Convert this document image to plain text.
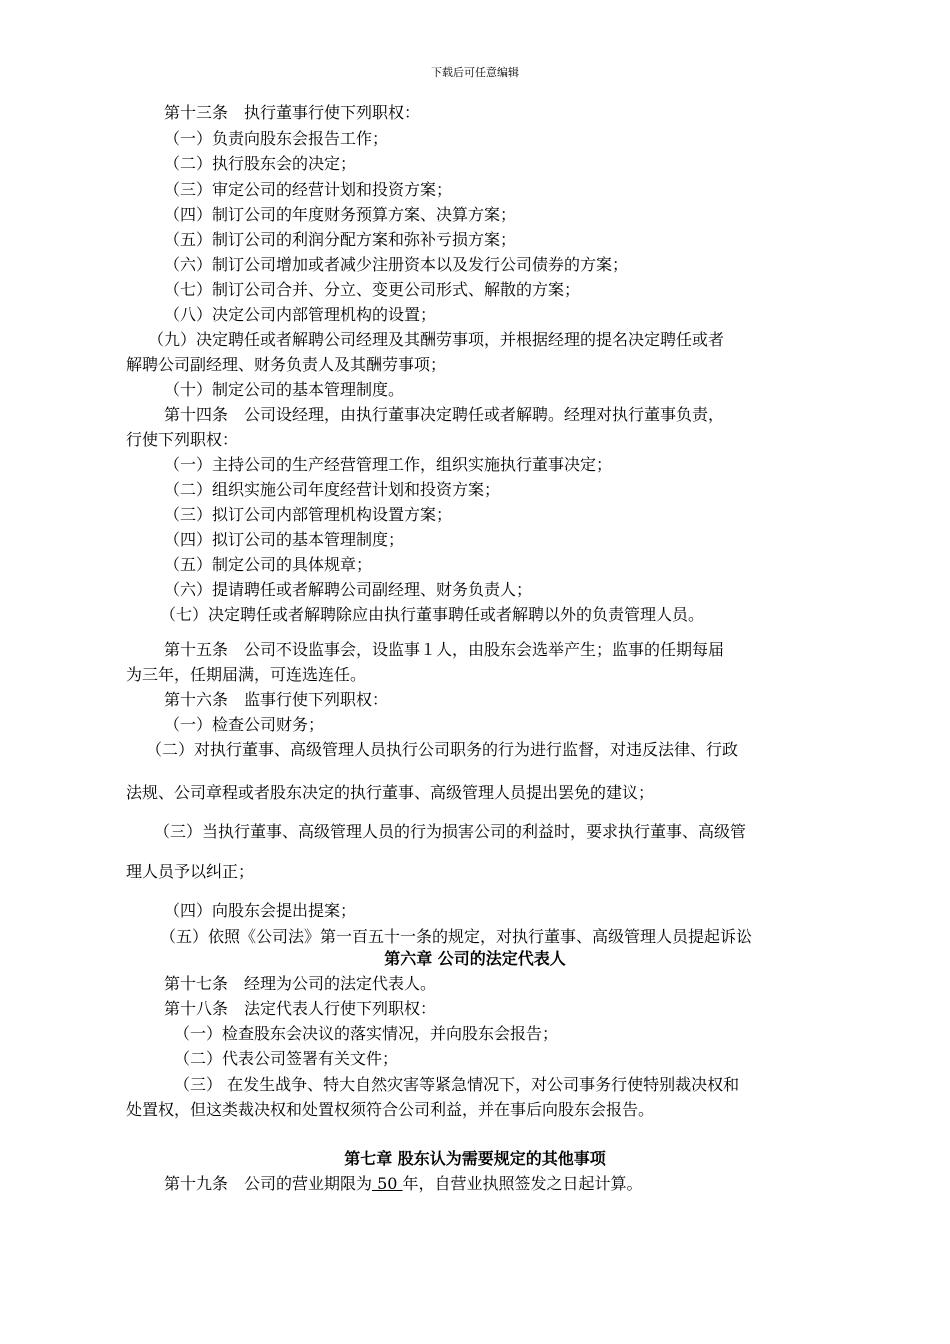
下载后可任意编辑
第十三条　执行董事行使下列职权：
（一）负责向股东会报告工作；
（二）执行股东会的决定；
（三）审定公司的经营计划和投资方案；
（四）制订公司的年度财务预算方案、决算方案；
（五）制订公司的利润分配方案和弥补亏损方案；
（六）制订公司增加或者减少注册资本以及发行公司债券的方案；
（七）制订公司合并、分立、变更公司形式、解散的方案；
（八）决定公司内部管理机构的设置；
（九）决定聘任或者解聘公司经理及其酬劳事项，并根据经理的提名决定聘任或者
解聘公司副经理、财务负责人及其酬劳事项；
（十）制定公司的基本管理制度。
第十四条　公司设经理，由执行董事决定聘任或者解聘。经理对执行董事负责，
行使下列职权：
（一）主持公司的生产经营管理工作，组织实施执行董事决定；
（二）组织实施公司年度经营计划和投资方案；
（三）拟订公司内部管理机构设置方案；
（四）拟订公司的基本管理制度；
（五）制定公司的具体规章；
（六）提请聘任或者解聘公司副经理、财务负责人；
（七）决定聘任或者解聘除应由执行董事聘任或者解聘以外的负责管理人员。
第十五条　公司不设监事会，设监事１人，由股东会选举产生；监事的任期每届
为三年，任期届满，可连选连任。
第十六条　监事行使下列职权：
（一）检查公司财务；
（二）对执行董事、高级管理人员执行公司职务的行为进行监督，对违反法律、行政
法规、公司章程或者股东决定的执行董事、高级管理人员提出罢免的建议；
（三）当执行董事、高级管理人员的行为损害公司的利益时，要求执行董事、高级管
理人员予以纠正；
（四）向股东会提出提案；
（五）依照《公司法》第一百五十一条的规定，对执行董事、高级管理人员提起诉讼
第六章 公司的法定代表人
第十七条　经理为公司的法定代表人。
第十八条　法定代表人行使下列职权：
（一）检查股东会决议的落实情况，并向股东会报告；
（二）代表公司签署有关文件；
（三） 在发生战争、特大自然灾害等紧急情况下，对公司事务行使特别裁决权和
处置权，但这类裁决权和处置权须符合公司利益，并在事后向股东会报告。
第七章 股东认为需要规定的其他事项
第十九条　公司的营业期限为 50 年，自营业执照签发之日起计算。
